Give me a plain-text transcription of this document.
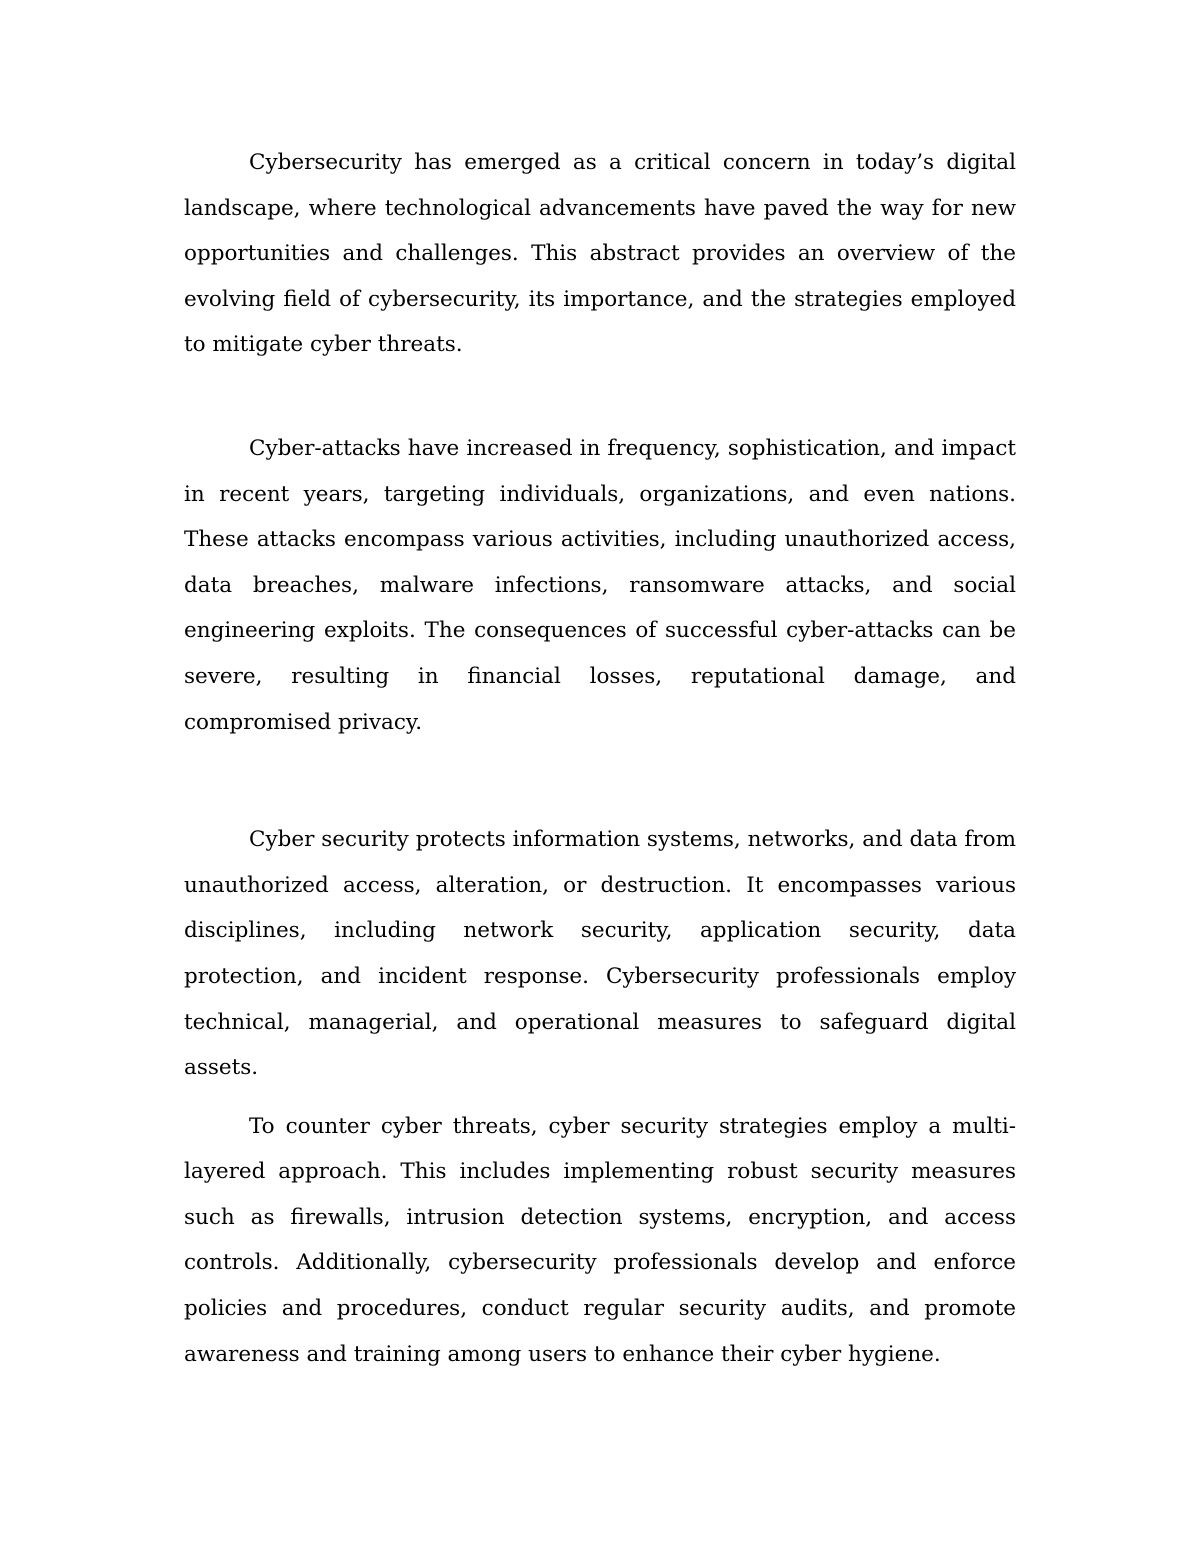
Cybersecurity has emerged as a critical concern in today’s digital landscape, where technological advancements have paved the way for new opportunities and challenges. This abstract provides an overview of the evolving field of cybersecurity, its importance, and the strategies employed to mitigate cyber threats.

Cyber-attacks have increased in frequency, sophistication, and impact in recent years, targeting individuals, organizations, and even nations. These attacks encompass various activities, including unauthorized access, data breaches, malware infections, ransomware attacks, and social engineering exploits. The consequences of successful cyber-attacks can be severe, resulting in financial losses, reputational damage, and compromised privacy.

Cyber security protects information systems, networks, and data from unauthorized access, alteration, or destruction. It encompasses various disciplines, including network security, application security, data protection, and incident response. Cybersecurity professionals employ technical, managerial, and operational measures to safeguard digital assets.

To counter cyber threats, cyber security strategies employ a multi-layered approach. This includes implementing robust security measures such as firewalls, intrusion detection systems, encryption, and access controls. Additionally, cybersecurity professionals develop and enforce policies and procedures, conduct regular security audits, and promote awareness and training among users to enhance their cyber hygiene.
